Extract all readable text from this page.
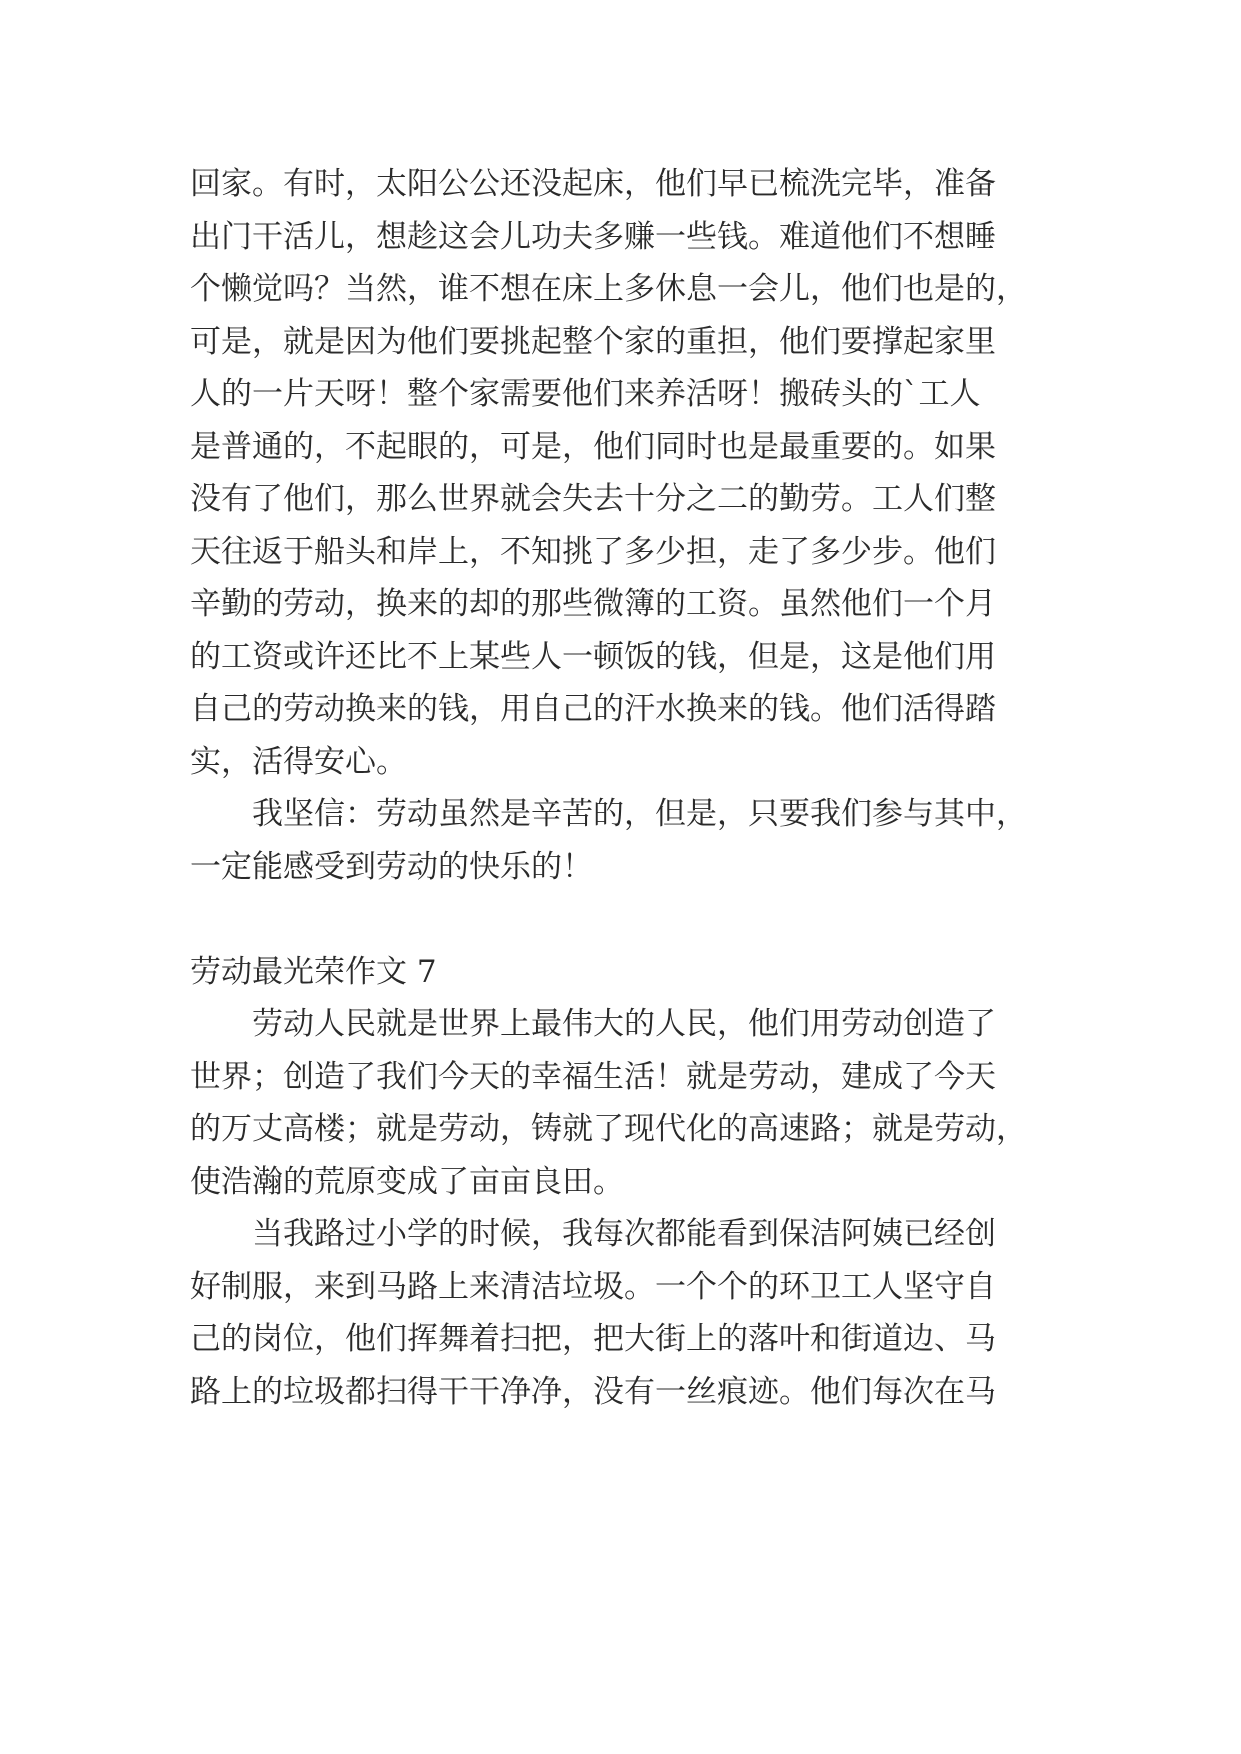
回家。有时，太阳公公还没起床，他们早已梳洗完毕，准备
出门干活儿，想趁这会儿功夫多赚一些钱。难道他们不想睡
个懒觉吗？当然，谁不想在床上多休息一会儿，他们也是的，
可是，就是因为他们要挑起整个家的重担，他们要撑起家里
人的一片天呀！整个家需要他们来养活呀！搬砖头的`工人
是普通的，不起眼的，可是，他们同时也是最重要的。如果
没有了他们，那么世界就会失去十分之二的勤劳。工人们整
天往返于船头和岸上，不知挑了多少担，走了多少步。他们
辛勤的劳动，换来的却的那些微簿的工资。虽然他们一个月
的工资或许还比不上某些人一顿饭的钱，但是，这是他们用
自己的劳动换来的钱，用自己的汗水换来的钱。他们活得踏
实，活得安心。
我坚信：劳动虽然是辛苦的，但是，只要我们参与其中，
一定能感受到劳动的快乐的！
劳动最光荣作文 7
劳动人民就是世界上最伟大的人民，他们用劳动创造了
世界；创造了我们今天的幸福生活！就是劳动，建成了今天
的万丈高楼；就是劳动，铸就了现代化的高速路；就是劳动，
使浩瀚的荒原变成了亩亩良田。
当我路过小学的时候，我每次都能看到保洁阿姨已经创
好制服，来到马路上来清洁垃圾。一个个的环卫工人坚守自
己的岗位，他们挥舞着扫把，把大街上的落叶和街道边、马
路上的垃圾都扫得干干净净，没有一丝痕迹。他们每次在马
